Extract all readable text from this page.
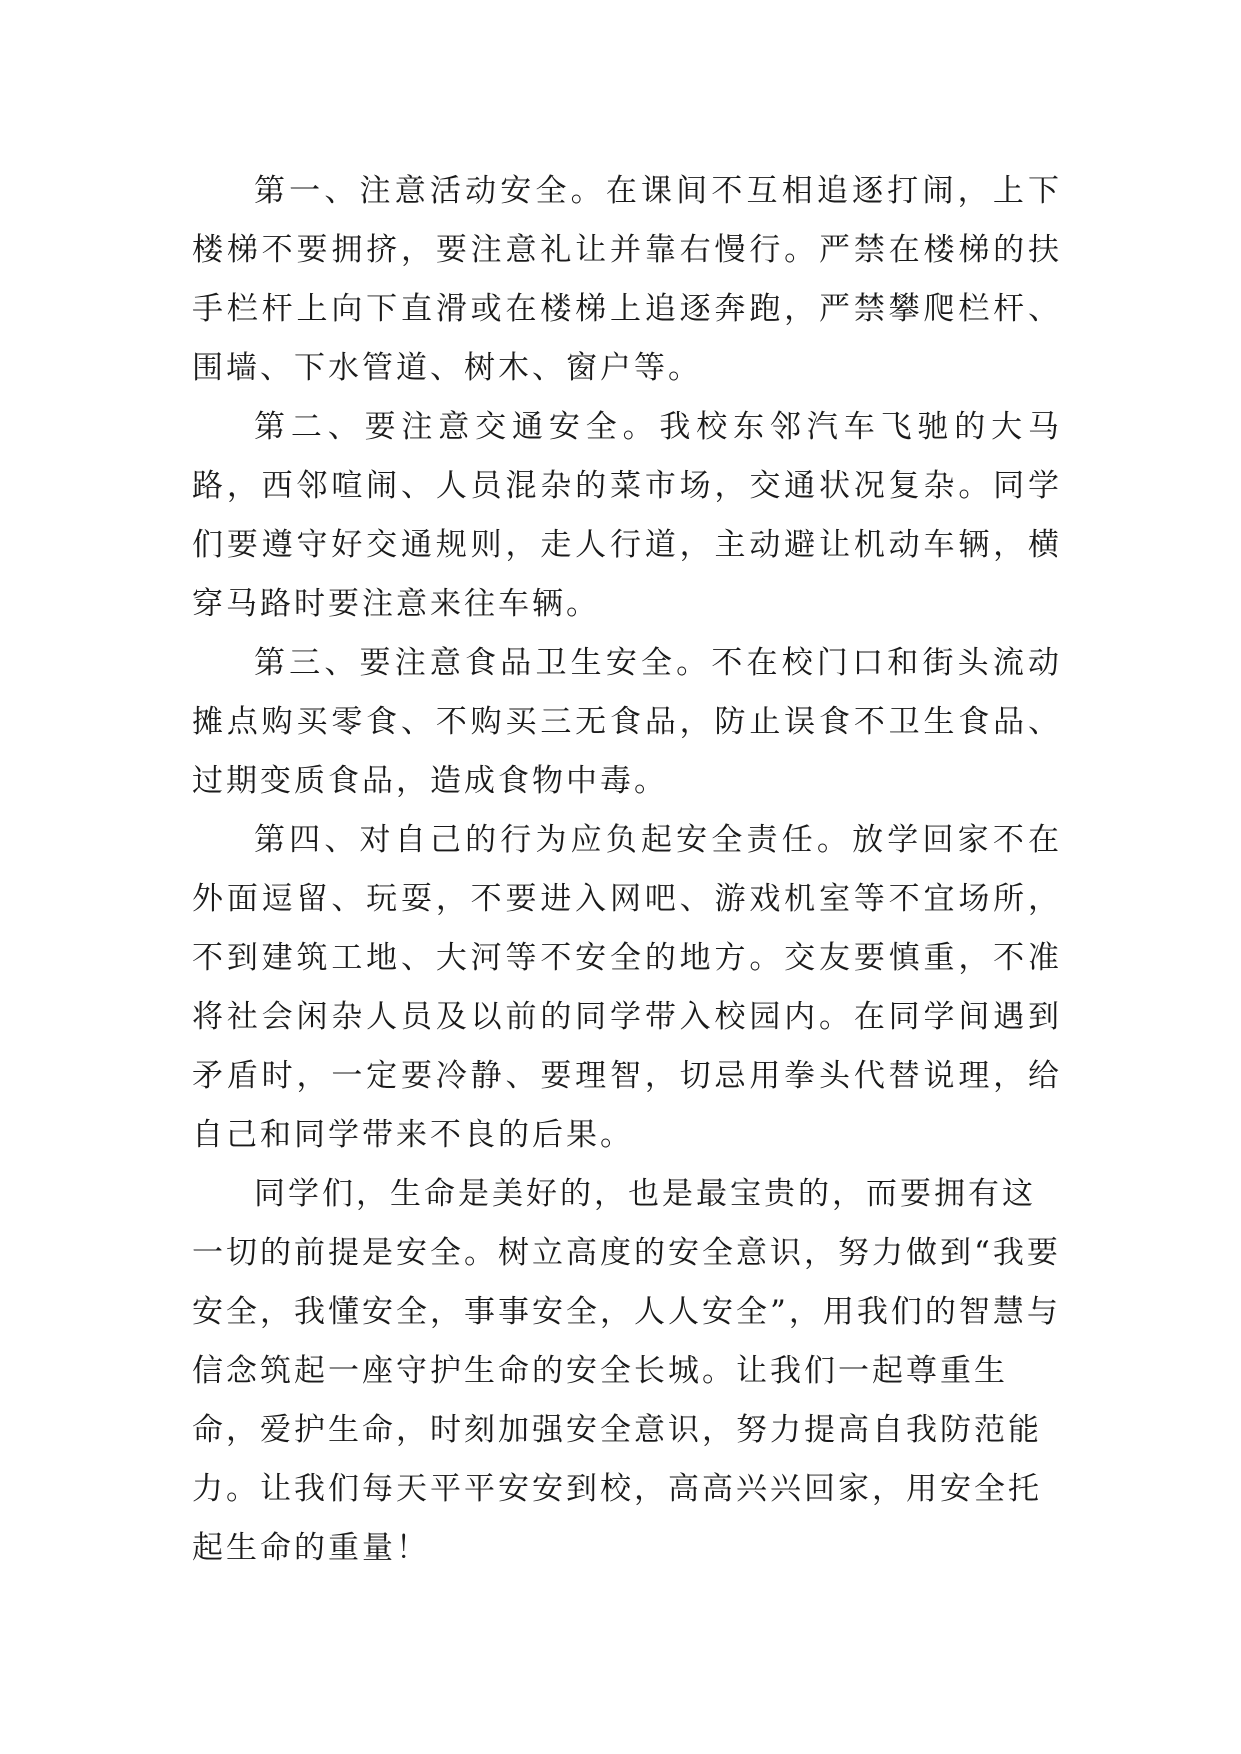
第一、注意活动安全。在课间不互相追逐打闹，上下楼梯不要拥挤，要注意礼让并靠右慢行。严禁在楼梯的扶手栏杆上向下直滑或在楼梯上追逐奔跑，严禁攀爬栏杆、围墙、下水管道、树木、窗户等。

第二、要注意交通安全。我校东邻汽车飞驰的大马路，西邻喧闹、人员混杂的菜市场，交通状况复杂。同学们要遵守好交通规则，走人行道，主动避让机动车辆，横穿马路时要注意来往车辆。

第三、要注意食品卫生安全。不在校门口和街头流动摊点购买零食、不购买三无食品，防止误食不卫生食品、过期变质食品，造成食物中毒。

第四、对自己的行为应负起安全责任。放学回家不在外面逗留、玩耍，不要进入网吧、游戏机室等不宜场所，不到建筑工地、大河等不安全的地方。交友要慎重，不准将社会闲杂人员及以前的同学带入校园内。在同学间遇到矛盾时，一定要冷静、要理智，切忌用拳头代替说理，给自己和同学带来不良的后果。

同学们，生命是美好的，也是最宝贵的，而要拥有这一切的前提是安全。树立高度的安全意识，努力做到“我要安全，我懂安全，事事安全，人人安全”，用我们的智慧与信念筑起一座守护生命的安全长城。让我们一起尊重生命，爱护生命，时刻加强安全意识，努力提高自我防范能力。让我们每天平平安安到校，高高兴兴回家，用安全托起生命的重量！
